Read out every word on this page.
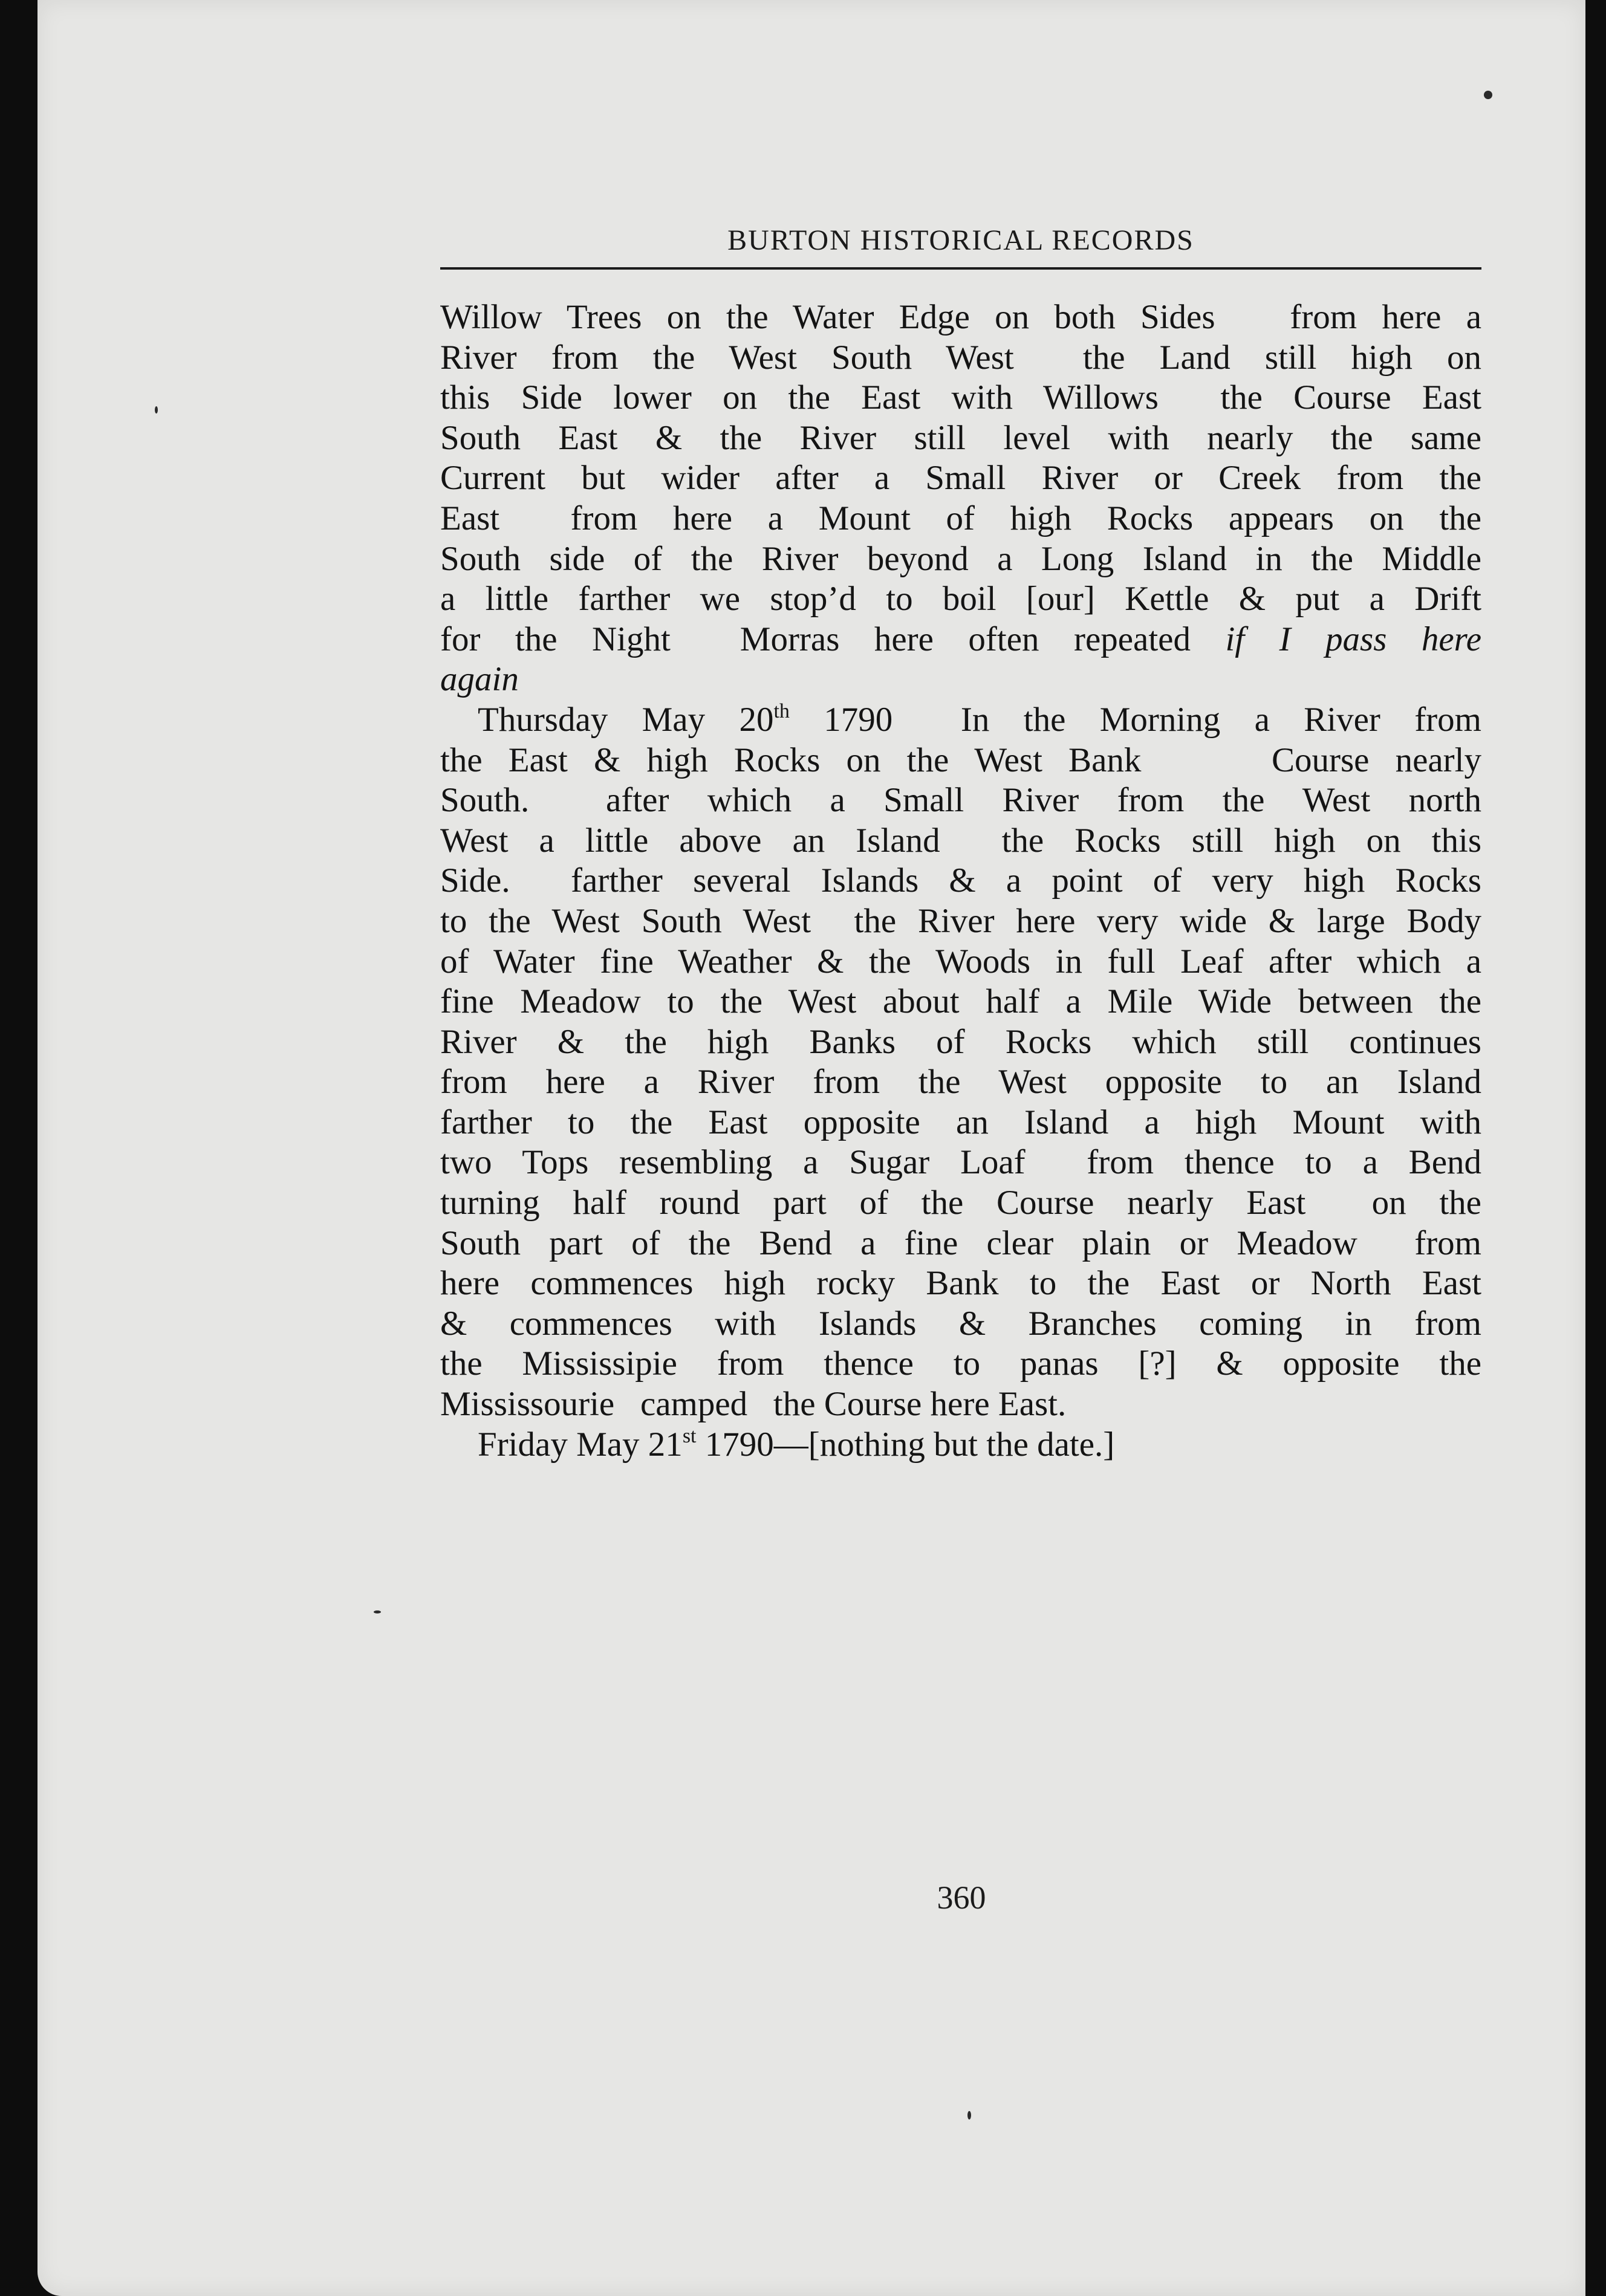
BURTON HISTORICAL RECORDS
Willow Trees on the Water Edge on both Sides   from here a
River from the West South West  the Land still high on
this Side lower on the East with Willows  the Course East
South East & the River still level with nearly the same
Current but wider after a Small River or Creek from the
East  from here a Mount of high Rocks appears on the
South side of the River beyond a Long Island in the Middle
a little farther we stop’d to boil [our] Kettle & put a Drift
for the Night  Morras here often repeated if I pass here
again
Thursday May 20th 1790  In the Morning a River from
the East & high Rocks on the West Bank     Course nearly
South.  after which a Small River from the West north
West a little above an Island  the Rocks still high on this
Side.  farther several Islands & a point of very high Rocks
to the West South West  the River here very wide & large Body
of Water fine Weather & the Woods in full Leaf after which a
fine Meadow to the West about half a Mile Wide between the
River & the high Banks of Rocks which still continues
from here a River from the West opposite to an Island
farther to the East opposite an Island a high Mount with
two Tops resembling a Sugar Loaf  from thence to a Bend
turning half round part of the Course nearly East  on the
South part of the Bend a fine clear plain or Meadow  from
here commences high rocky Bank to the East or North East
& commences with Islands & Branches coming in from
the Mississipie from thence to panas [?] & opposite the
Mississourie   camped   the Course here East.
Friday May 21st 1790—[nothing but the date.]
360
